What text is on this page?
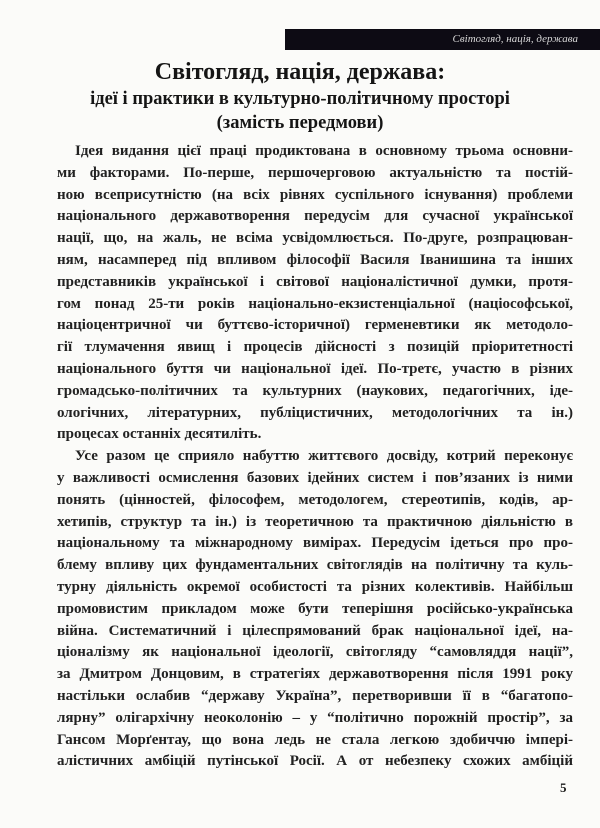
Світогляд, нація, держава
Світогляд, нація, держава:
ідеї і практики в культурно-політичному просторі
(замість передмови)
Ідея видання цієї праці продиктована в основному трьома основни-
ми факторами. По-перше, першочерговою актуальністю та постій-
ною всеприсутністю (на всіх рівнях суспільного існування) проблеми
національного державотворення передусім для сучасної української
нації, що, на жаль, не всіма усвідомлюється. По-друге, розпрацюван-
ням, насамперед під впливом філософії Василя Іванишина та інших
представників української і світової націоналістичної думки, протя-
гом понад 25-ти років національно-екзистенціальної (націософської,
націоцентричної чи буттєво-історичної) герменевтики як методоло-
гії тлумачення явищ і процесів дійсності з позицій пріоритетності
національного буття чи національної ідеї. По-третє, участю в різних
громадсько-політичних та культурних (наукових, педагогічних, іде-
ологічних, літературних, публіцистичних, методологічних та ін.)
процесах останніх десятиліть.
Усе разом це сприяло набуттю життєвого досвіду, котрий переконує
у важливості осмислення базових ідейних систем і пов’язаних із ними
понять (цінностей, філософем, методологем, стереотипів, кодів, ар-
хетипів, структур та ін.) із теоретичною та практичною діяльністю в
національному та міжнародному вимірах. Передусім ідеться про про-
блему впливу цих фундаментальних світоглядів на політичну та куль-
турну діяльність окремої особистості та різних колективів. Найбільш
промовистим прикладом може бути теперішня російсько-українська
війна. Систематичний і цілеспрямований брак національної ідеї, на-
ціоналізму як національної ідеології, світогляду “самовляддя нації”,
за Дмитром Донцовим, в стратегіях державотворення після 1991 року
настільки ослабив “державу Україна”, перетворивши її в “багатопо-
лярну” олігархічну неоколонію – у “політично порожній простір”, за
Гансом Морґентау, що вона ледь не стала легкою здобиччю імпері-
алістичних амбіцій путінської Росії. А от небезпеку схожих амбіцій
5
